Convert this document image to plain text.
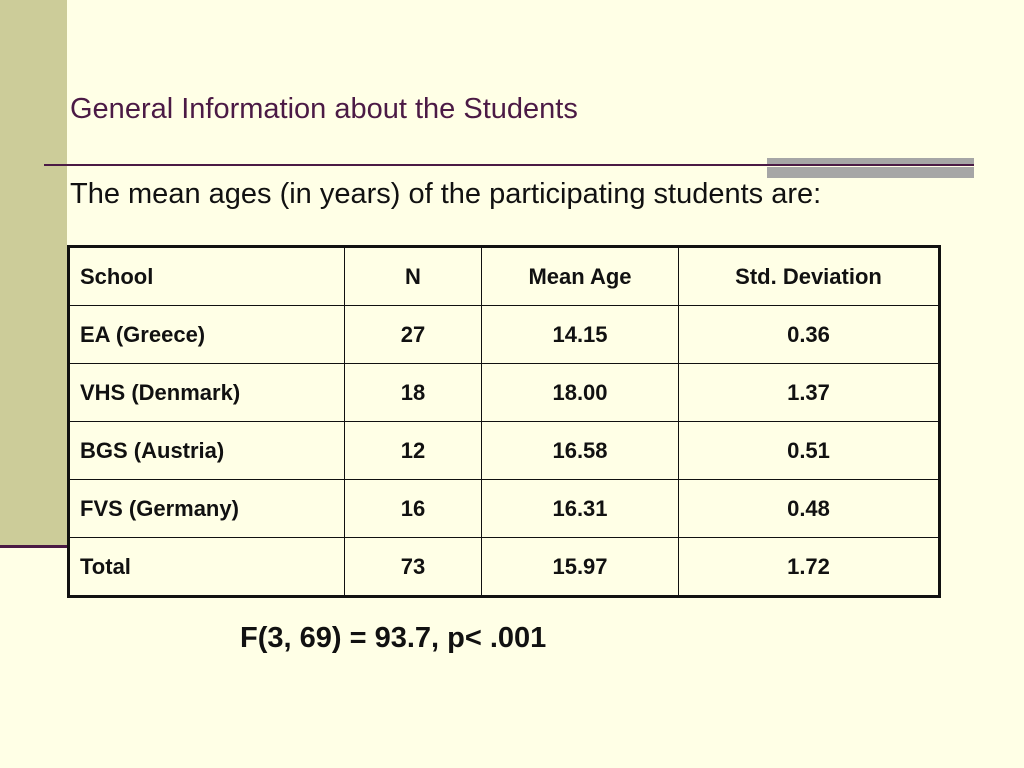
General Information about the Students
The mean ages (in years) of the participating students are:
School	N	Mean Age	Std. Deviation
EA (Greece)	27	14.15	0.36
VHS (Denmark)	18	18.00	1.37
BGS (Austria)	12	16.58	0.51
FVS (Germany)	16	16.31	0.48
Total	73	15.97	1.72
F(3, 69) = 93.7, p< .001
